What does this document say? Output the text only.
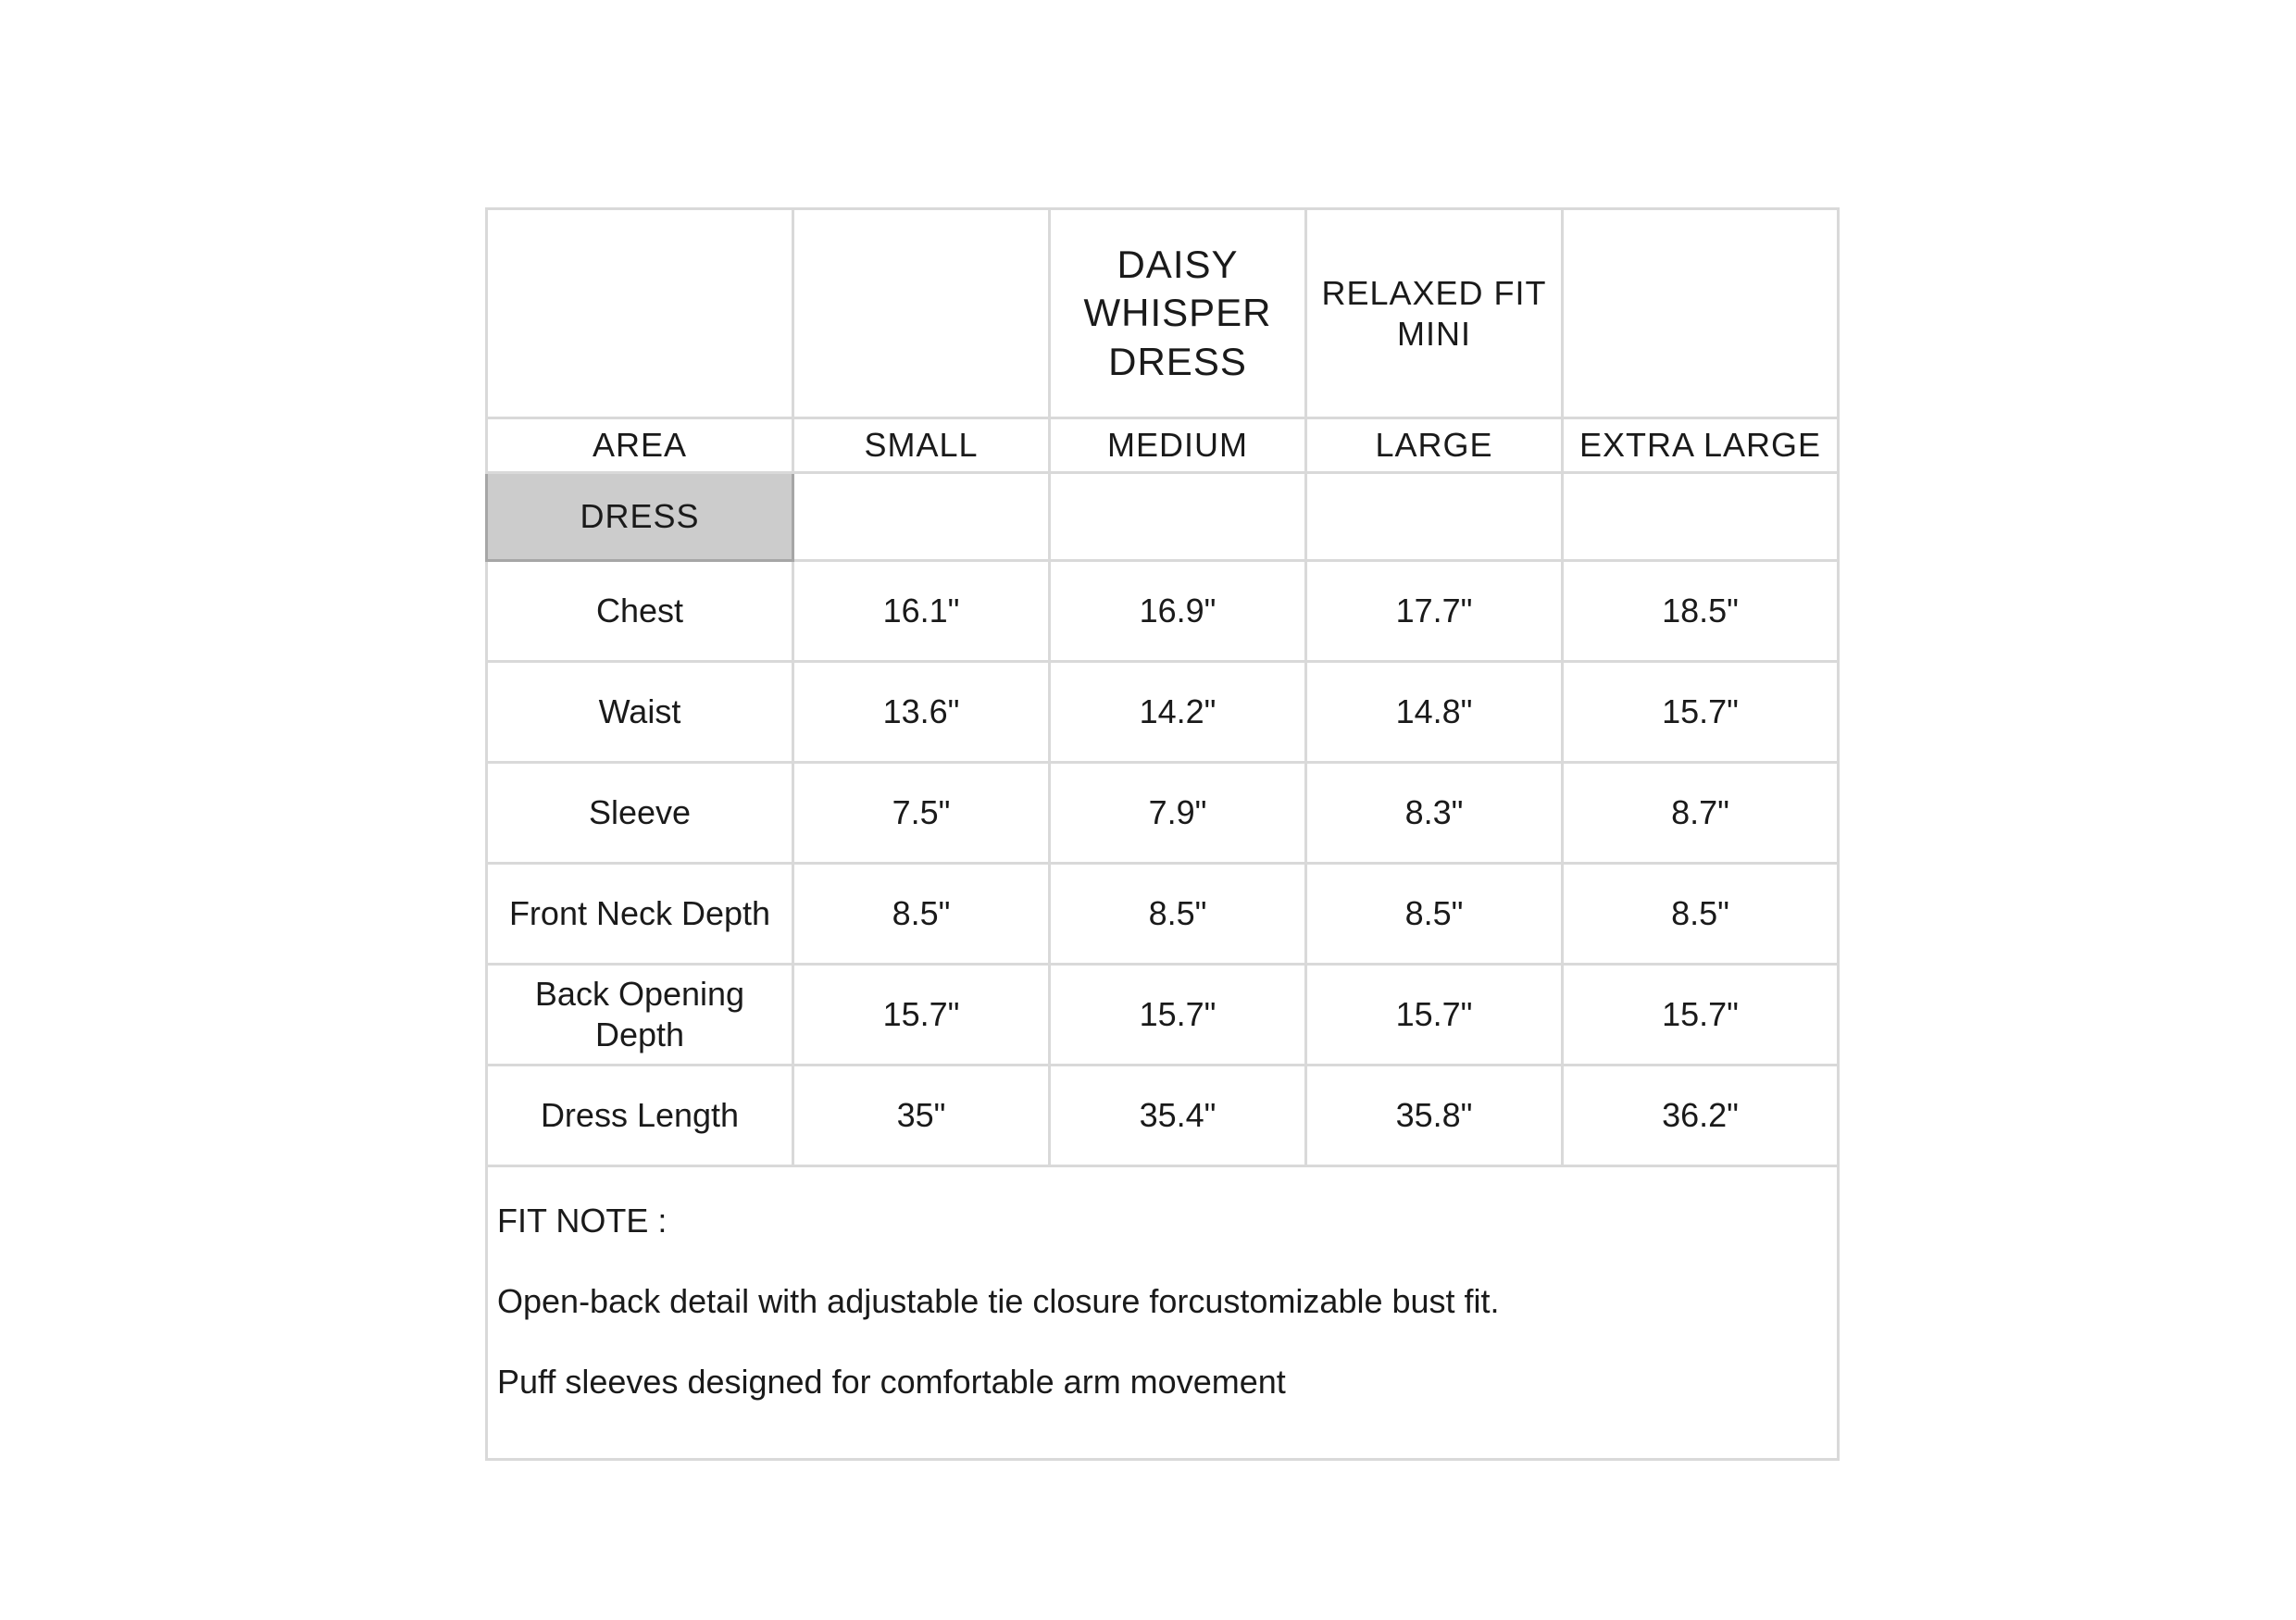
		DAISY WHISPER DRESS	RELAXED FIT MINI	
AREA	SMALL	MEDIUM	LARGE	EXTRA LARGE
DRESS				
Chest	16.1"	16.9"	17.7"	18.5"
Waist	13.6"	14.2"	14.8"	15.7"
Sleeve	7.5"	7.9"	8.3"	8.7"
Front Neck Depth	8.5"	8.5"	8.5"	8.5"
Back Opening Depth	15.7"	15.7"	15.7"	15.7"
Dress Length	35"	35.4"	35.8"	36.2"

FIT NOTE :
Open-back detail with adjustable tie closure forcustomizable bust fit.
Puff sleeves designed for comfortable arm movement				
